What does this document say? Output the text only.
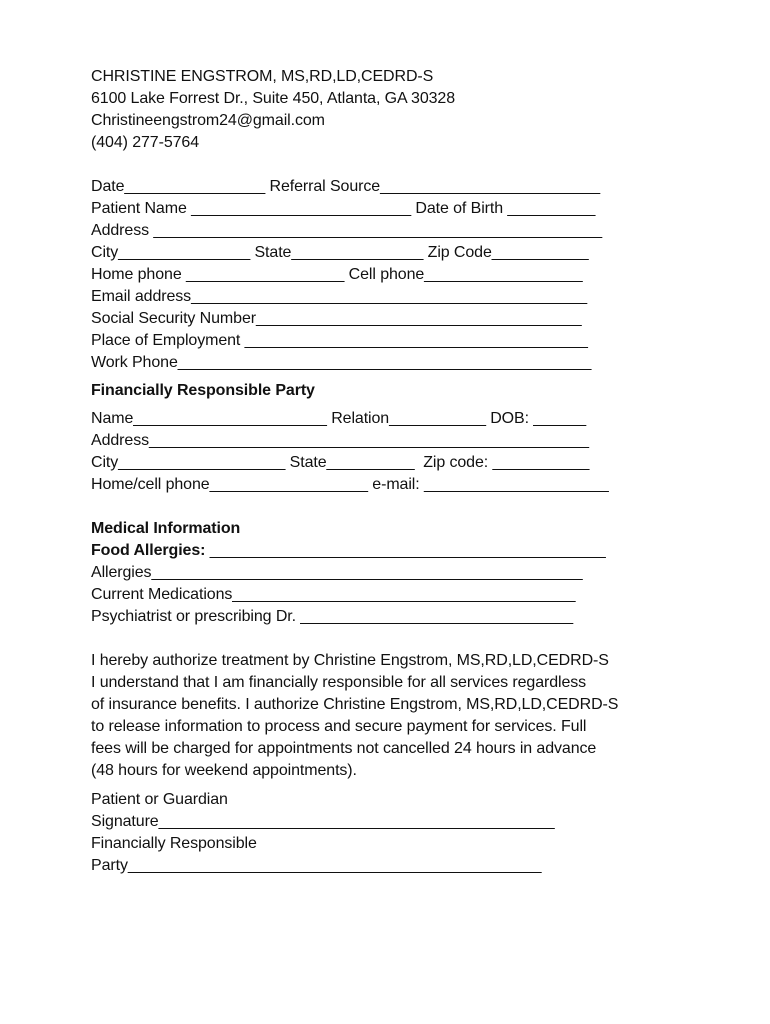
CHRISTINE ENGSTROM, MS,RD,LD,CEDRD-S
6100 Lake Forrest Dr., Suite 450, Atlanta, GA 30328
Christineengstrom24@gmail.com
(404) 277-5764
Date________________ Referral Source_________________________
Patient Name _________________________ Date of Birth __________
Address ___________________________________________________
City_______________ State_______________ Zip Code___________
Home phone __________________ Cell phone__________________
Email address_____________________________________________
Social Security Number_____________________________________
Place of Employment _______________________________________
Work Phone_______________________________________________
Financially Responsible Party
Name______________________ Relation___________ DOB: ______
Address__________________________________________________
City___________________ State__________  Zip code: ___________
Home/cell phone__________________ e-mail: _____________________
Medical Information
Food Allergies: _____________________________________________
Allergies_________________________________________________
Current Medications_______________________________________
Psychiatrist or prescribing Dr. _______________________________
I hereby authorize treatment by Christine Engstrom, MS,RD,LD,CEDRD-S
I understand that I am financially responsible for all services regardless
of insurance benefits. I authorize Christine Engstrom, MS,RD,LD,CEDRD-S
to release information to process and secure payment for services. Full
fees will be charged for appointments not cancelled 24 hours in advance
(48 hours for weekend appointments).
Patient or Guardian
Signature_____________________________________________
Financially Responsible
Party_______________________________________________
